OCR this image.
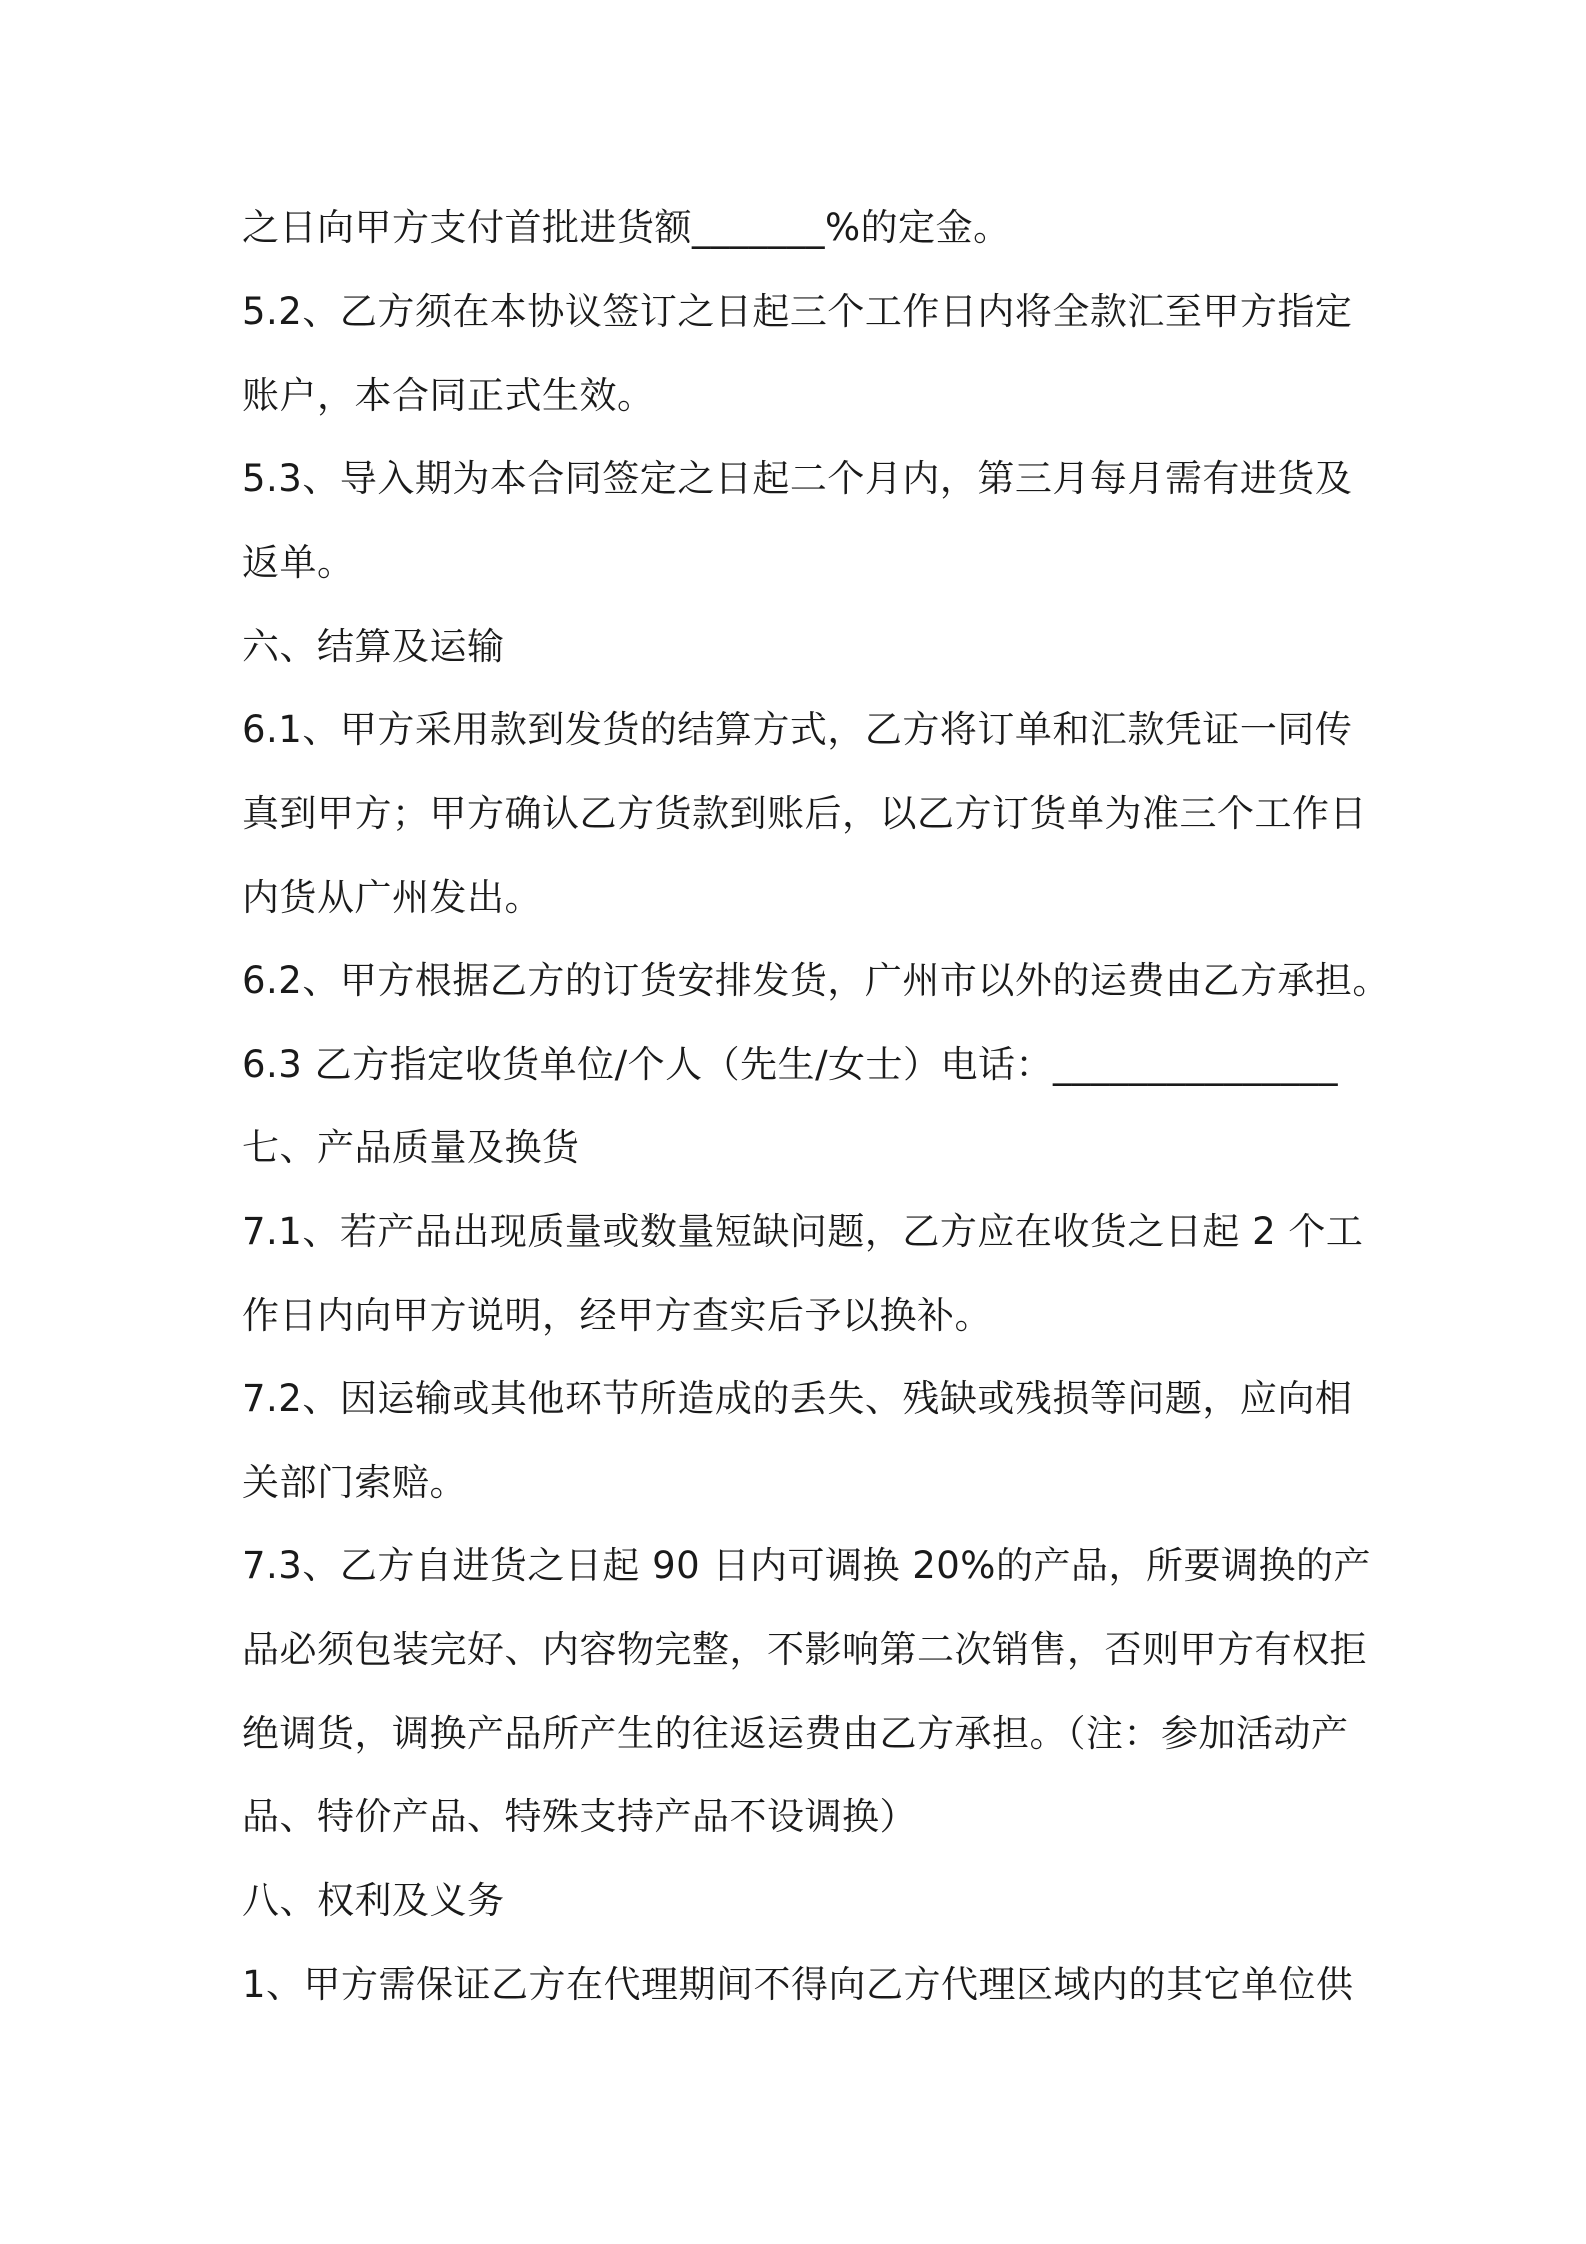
之日向甲方支付首批进货额_______%的定金。

5.2、乙方须在本协议签订之日起三个工作日内将全款汇至甲方指定

账户，本合同正式生效。

5.3、导入期为本合同签定之日起二个月内，第三月每月需有进货及

返单。

六、结算及运输

6.1、甲方采用款到发货的结算方式，乙方将订单和汇款凭证一同传

真到甲方；甲方确认乙方货款到账后，以乙方订货单为准三个工作日

内货从广州发出。

6.2、甲方根据乙方的订货安排发货，广州市以外的运费由乙方承担。

6.3 乙方指定收货单位/个人（先生/女士）电话：_______________

七、产品质量及换货

7.1、若产品出现质量或数量短缺问题，乙方应在收货之日起 2 个工

作日内向甲方说明，经甲方查实后予以换补。

7.2、因运输或其他环节所造成的丢失、残缺或残损等问题，应向相

关部门索赔。

7.3、乙方自进货之日起 90 日内可调换 20%的产品，所要调换的产

品必须包装完好、内容物完整，不影响第二次销售，否则甲方有权拒

绝调货，调换产品所产生的往返运费由乙方承担。（注：参加活动产

品、特价产品、特殊支持产品不设调换）

八、权利及义务

1、甲方需保证乙方在代理期间不得向乙方代理区域内的其它单位供
